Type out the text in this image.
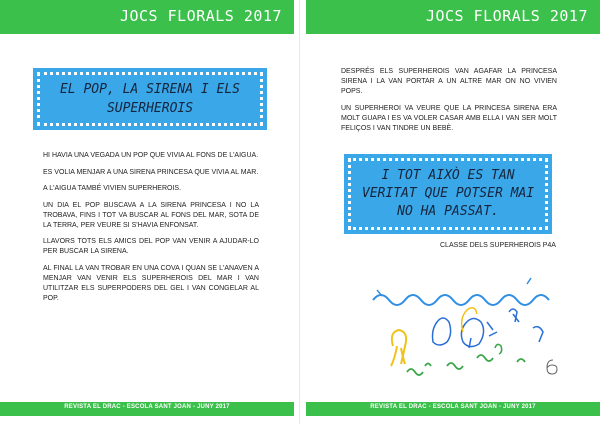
JOCS FLORALS 2017
EL POP, LA SIRENA I ELS SUPERHEROIS

HI HAVIA UNA VEGADA UN POP QUE VIVIA AL FONS DE L'AIGUA.

ES VOLIA MENJAR A UNA SIRENA PRINCESA QUE VIVIA AL MAR.

A L'AIGUA TAMBÉ VIVIEN SUPERHEROIS.

UN DIA EL POP BUSCAVA A LA SIRENA PRINCESA I NO LA TROBAVA, FINS I TOT VA BUSCAR AL FONS DEL MAR, SOTA DE LA TERRA, PER VEURE SI S'HAVIA ENFONSAT.

LLAVORS TOTS ELS AMICS DEL POP VAN VENIR A AJUDAR-LO PER BUSCAR LA SIRENA.

AL FINAL LA VAN TROBAR EN UNA COVA I QUAN SE L'ANAVEN A MENJAR VAN VENIR ELS SUPERHEROIS DEL MAR I VAN UTILITZAR ELS SUPERPODERS DEL GEL I VAN CONGELAR AL POP.

REVISTA EL DRAC - ESCOLA SANT JOAN - JUNY 2017
JOCS FLORALS 2017

DESPRÉS ELS SUPERHEROIS VAN AGAFAR LA PRINCESA SIRENA I LA VAN PORTAR A UN ALTRE MAR ON NO VIVIEN POPS.

UN SUPERHEROI VA VEURE QUE LA PRINCESA SIRENA ERA MOLT GUAPA I ES VA VOLER CASAR AMB ELLA I VAN SER MOLT FELIÇOS I VAN TINDRE UN BEBÈ.

REVISTA EL DRAC - ESCOLA SANT JOAN - JUNY 2017
I TOT AIXÒ ES TAN VERITAT QUE POTSER MAI NO HA PASSAT.
CLASSE DELS SUPERHEROIS P4A
